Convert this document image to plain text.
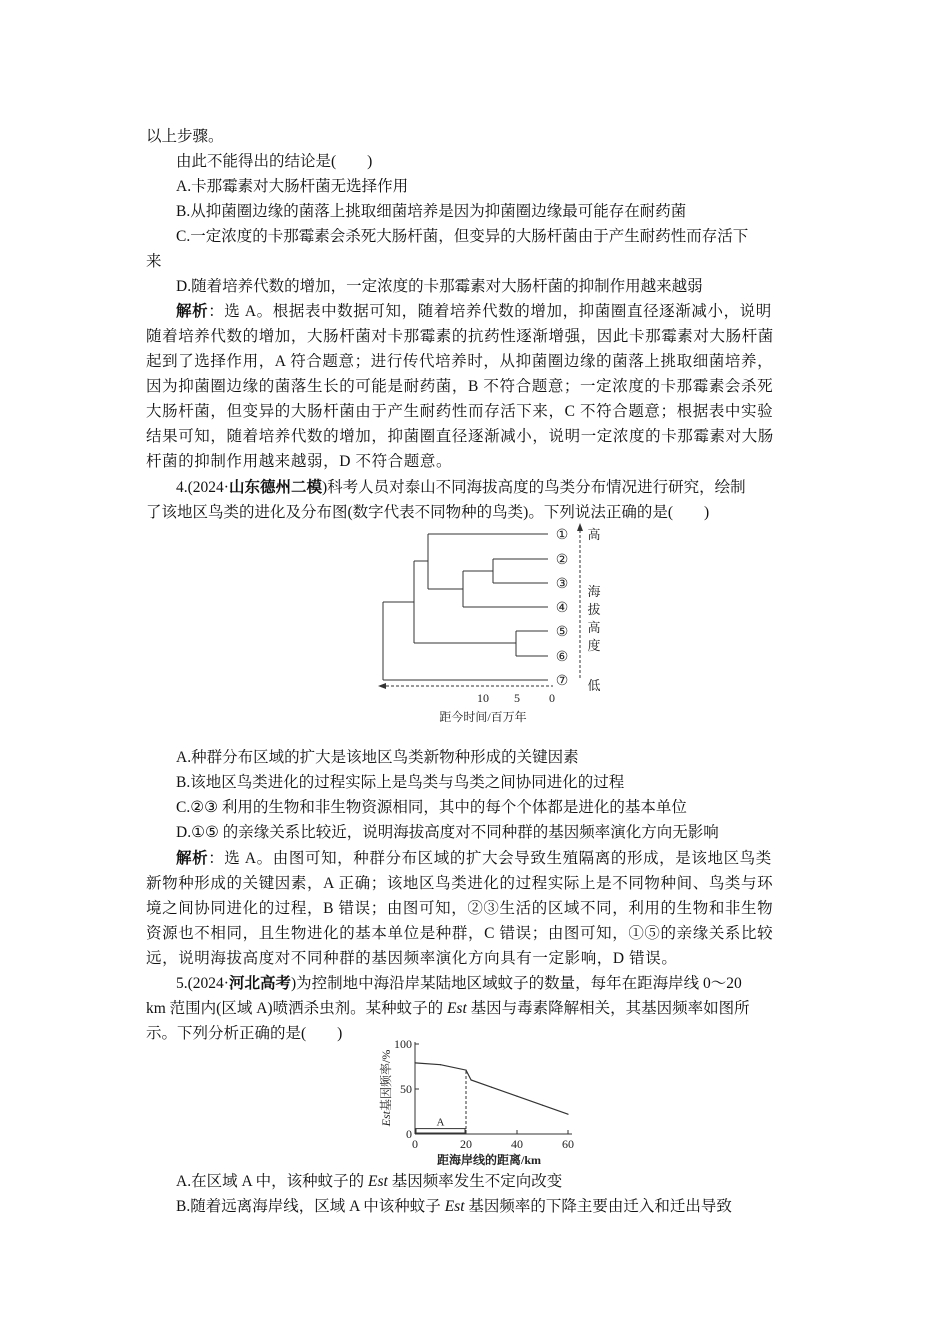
以上步骤。
由此不能得出的结论是(　　)
A.卡那霉素对大肠杆菌无选择作用
B.从抑菌圈边缘的菌落上挑取细菌培养是因为抑菌圈边缘最可能存在耐药菌
C.一定浓度的卡那霉素会杀死大肠杆菌，但变异的大肠杆菌由于产生耐药性而存活下
来
D.随着培养代数的增加，一定浓度的卡那霉素对大肠杆菌的抑制作用越来越弱
解析：选 A。根据表中数据可知，随着培养代数的增加，抑菌圈直径逐渐减小，说明
随着培养代数的增加，大肠杆菌对卡那霉素的抗药性逐渐增强，因此卡那霉素对大肠杆菌
起到了选择作用，A 符合题意；进行传代培养时，从抑菌圈边缘的菌落上挑取细菌培养，
因为抑菌圈边缘的菌落生长的可能是耐药菌，B 不符合题意；一定浓度的卡那霉素会杀死
大肠杆菌，但变异的大肠杆菌由于产生耐药性而存活下来，C 不符合题意；根据表中实验
结果可知，随着培养代数的增加，抑菌圈直径逐渐减小，说明一定浓度的卡那霉素对大肠
杆菌的抑制作用越来越弱，D 不符合题意。
4.(2024·山东德州二模)科考人员对泰山不同海拔高度的鸟类分布情况进行研究，绘制
了该地区鸟类的进化及分布图(数字代表不同物种的鸟类)。下列说法正确的是(　　)
①
②
③
④
⑤
⑥
⑦
高
海
拔
高
度
低
10 5 0
距今时间/百万年
A.种群分布区域的扩大是该地区鸟类新物种形成的关键因素
B.该地区鸟类进化的过程实际上是鸟类与鸟类之间协同进化的过程
C.②③ 利用的生物和非生物资源相同，其中的每个个体都是进化的基本单位
D.①⑤ 的亲缘关系比较近，说明海拔高度对不同种群的基因频率演化方向无影响
解析：选 A。由图可知，种群分布区域的扩大会导致生殖隔离的形成，是该地区鸟类
新物种形成的关键因素，A 正确；该地区鸟类进化的过程实际上是不同物种间、鸟类与环
境之间协同进化的过程，B 错误；由图可知，②③生活的区域不同，利用的生物和非生物
资源也不相同，且生物进化的基本单位是种群，C 错误；由图可知，①⑤的亲缘关系比较
远，说明海拔高度对不同种群的基因频率演化方向具有一定影响，D 错误。
5.(2024·河北高考)为控制地中海沿岸某陆地区域蚊子的数量，每年在距海岸线 0～20
km 范围内(区域 A)喷洒杀虫剂。某种蚊子的 Est 基因与毒素降解相关，其基因频率如图所
示。下列分析正确的是(　　)
Est基因频率/%
距海岸线的距离/km
0
50
100
0	20	40	60
A
A.在区域 A 中，该种蚊子的 Est 基因频率发生不定向改变
B.随着远离海岸线，区域 A 中该种蚊子 Est 基因频率的下降主要由迁入和迁出导致
